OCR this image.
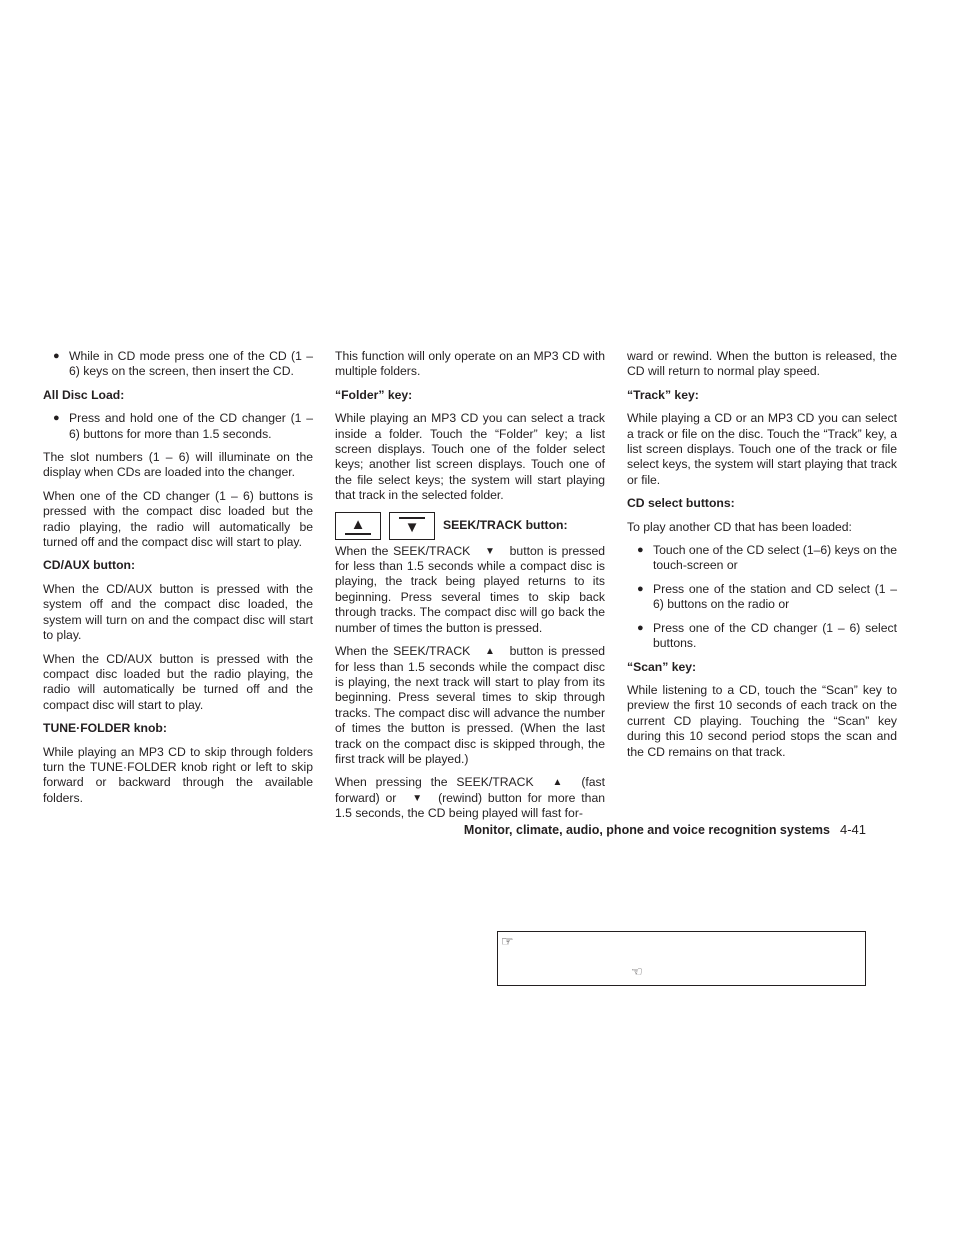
● While in CD mode press one of the CD (1 – 6) keys on the screen, then insert the CD.
All Disc Load:
● Press and hold one of the CD changer (1 – 6) buttons for more than 1.5 seconds.

The slot numbers (1 – 6) will illuminate on the display when CDs are loaded into the changer.

When one of the CD changer (1 – 6) buttons is pressed with the compact disc loaded but the radio playing, the radio will automatically be turned off and the compact disc will start to play.

CD/AUX button:

When the CD/AUX button is pressed with the system off and the compact disc loaded, the system will turn on and the compact disc will start to play.

When the CD/AUX button is pressed with the compact disc loaded but the radio playing, the radio will automatically be turned off and the compact disc will start to play.

TUNE·FOLDER knob:

While playing an MP3 CD to skip through folders turn the TUNE·FOLDER knob right or left to skip forward or backward through the available folders.

This function will only operate on an MP3 CD with multiple folders.

“Folder” key:

While playing an MP3 CD you can select a track inside a folder. Touch the “Folder” key; a list screen displays. Touch one of the folder select keys; another list screen displays. Touch one of the file select keys; the system will start playing that track in the selected folder.

▲	▼	SEEK/TRACK button:

When the SEEK/TRACK ▼ button is pressed for less than 1.5 seconds while a compact disc is playing, the track being played returns to its beginning. Press several times to skip back through tracks. The compact disc will go back the number of times the button is pressed.

When the SEEK/TRACK ▲ button is pressed for less than 1.5 seconds while the compact disc is playing, the next track will start to play from its beginning. Press several times to skip through tracks. The compact disc will advance the number of times the button is pressed. (When the last track on the compact disc is skipped through, the first track will be played.)

When pressing the SEEK/TRACK ▲ (fast forward) or ▼ (rewind) button for more than 1.5 seconds, the CD being played will fast for-

ward or rewind. When the button is released, the CD will return to normal play speed.

“Track” key:

While playing a CD or an MP3 CD you can select a track or file on the disc. Touch the “Track” key, a list screen displays. Touch one of the track or file select keys, the system will start playing that track or file.

CD select buttons:

To play another CD that has been loaded:

● Touch one of the CD select (1–6) keys on the touch-screen or
● Press one of the station and CD select (1 – 6) buttons on the radio or
● Press one of the CD changer (1 – 6) select buttons.
“Scan” key:

While listening to a CD, touch the “Scan” key to preview the first 10 seconds of each track on the current CD playing. Touching the “Scan” key during this 10 second period stops the scan and the CD remains on that track.

Monitor, climate, audio, phone and voice recognition systems 4-41
☞
☜
